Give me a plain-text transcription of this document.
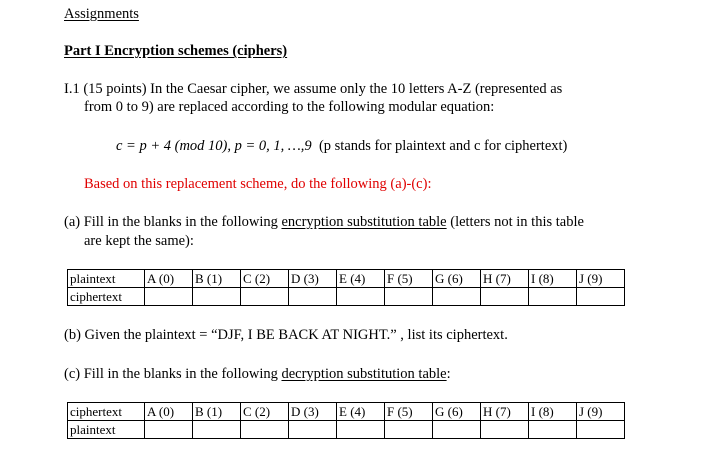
Assignments
Part I Encryption schemes (ciphers)
I.1 (15 points) In the Caesar cipher, we assume only the 10 letters A-Z (represented as
from 0 to 9) are replaced according to the following modular equation:
c = p + 4 (mod 10), p = 0, 1, …,9 (p stands for plaintext and c for ciphertext)
Based on this replacement scheme, do the following (a)-(c):
(a) Fill in the blanks in the following encryption substitution table (letters not in this table
are kept the same):
plaintext	A (0)	B (1)	C (2)	D (3)	E (4)	F (5)	G (6)	H (7)	I (8)	J (9)
ciphertext										
(b) Given the plaintext = “DJF, I BE BACK AT NIGHT.” , list its ciphertext.
(c) Fill in the blanks in the following decryption substitution table:
ciphertext	A (0)	B (1)	C (2)	D (3)	E (4)	F (5)	G (6)	H (7)	I (8)	J (9)
plaintext										
